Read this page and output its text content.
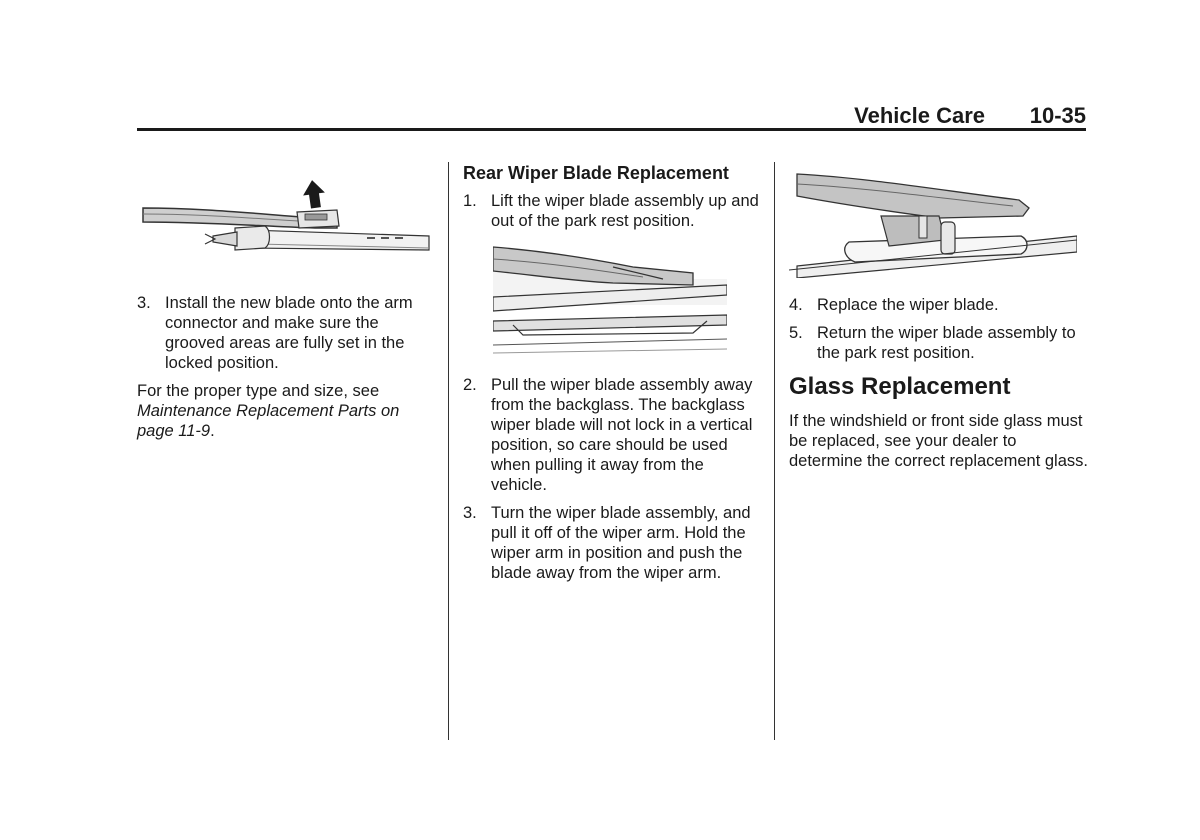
Vehicle Care 10-35
3. Install the new blade onto the arm connector and make sure the grooved areas are fully set in the locked position.

For the proper type and size, see Maintenance Replacement Parts on page 11-9.

Rear Wiper Blade Replacement
1. Lift the wiper blade assembly up and out of the park rest position.
2. Pull the wiper blade assembly away from the backglass. The backglass wiper blade will not lock in a vertical position, so care should be used when pulling it away from the vehicle.
3. Turn the wiper blade assembly, and pull it off of the wiper arm. Hold the wiper arm in position and push the blade away from the wiper arm.
4. Replace the wiper blade.
5. Return the wiper blade assembly to the park rest position.
Glass Replacement

If the windshield or front side glass must be replaced, see your dealer to determine the correct replacement glass.
